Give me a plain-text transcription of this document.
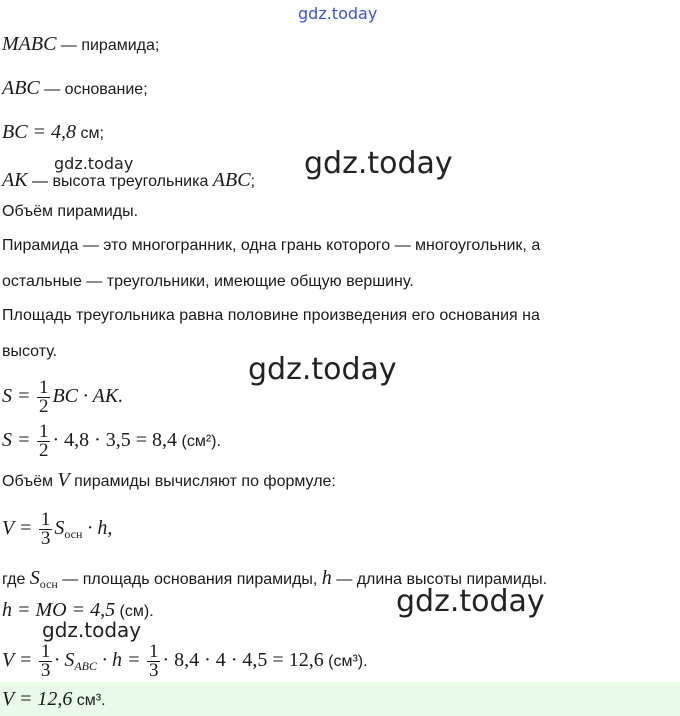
gdz.today
gdz.today
gdz.today
gdz.today
gdz.today
gdz.today
MABC — пирамида;
ABC — основание;
BC = 4,8 см;
AK — высота треугольника ABC;
Объём пирамиды.
Пирамида — это многогранник, одна грань которого — многоугольник, а
остальные — треугольники, имеющие общую вершину.
Площадь треугольника равна половине произведения его основания на
высоту.
$S = \frac{1}{2}$ BC · AK.
$S = \frac{1}{2} \cdot 4,8 \cdot 3,5 = 8,4$ (см²).
Объём V пирамиды вычисляют по формуле:
$V = \frac{1}{3} S_{осн} \cdot h$,
где $S_{осн}$ — площадь основания пирамиды, h — длина высоты пирамиды.
h = MO = 4,5 (см).
$V = \frac{1}{3} \cdot S_{ABC} \cdot h = \frac{1}{3} \cdot 8,4 \cdot 4 \cdot 4,5 = 12,6$ (см³).
V = 12,6 см³.
